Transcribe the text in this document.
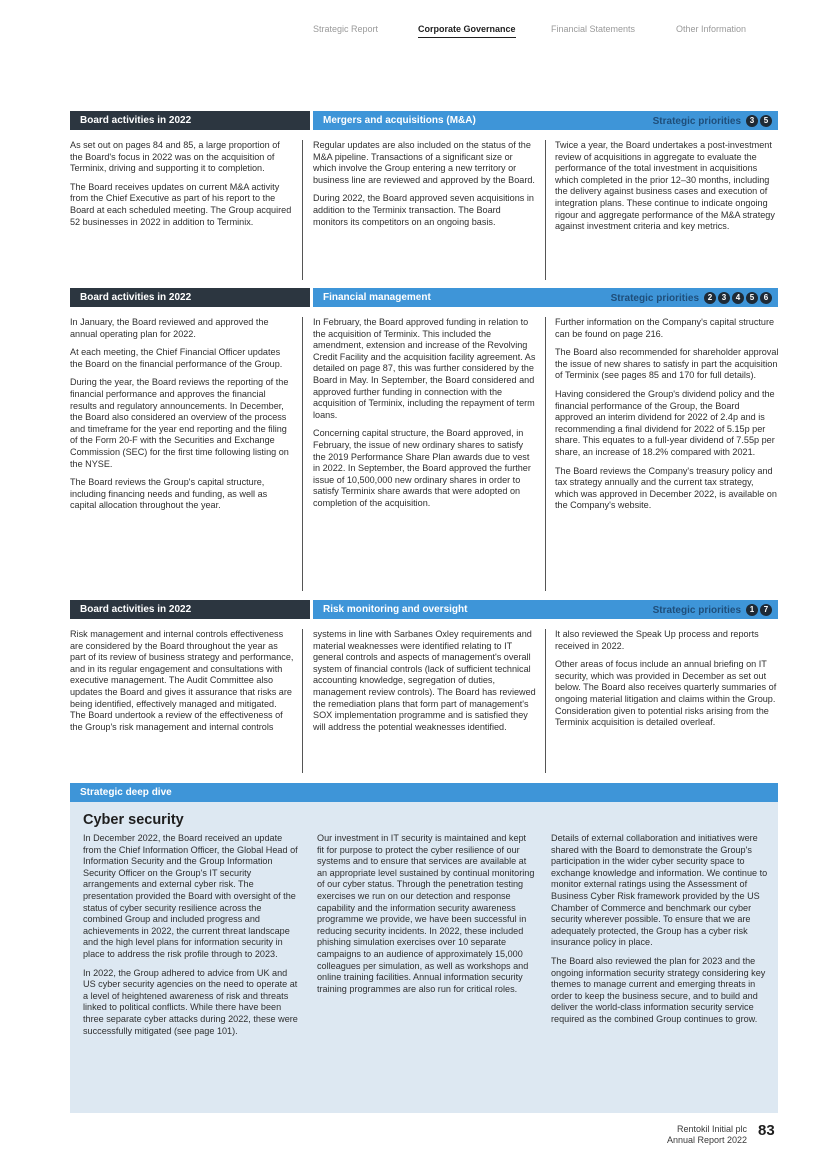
Strategic Report	Corporate Governance	Financial Statements	Other Information
Board activities in 2022	Mergers and acquisitions (M&A)	Strategic priorities	3	5

As set out on pages 84 and 85, a large proportion of the Board's focus in 2022 was on the acquisition of Terminix, driving and supporting it to completion.

The Board receives updates on current M&A activity from the Chief Executive as part of his report to the Board at each scheduled meeting. The Group acquired 52 businesses in 2022 in addition to Terminix.

Regular updates are also included on the status of the M&A pipeline. Transactions of a significant size or which involve the Group entering a new territory or business line are reviewed and approved by the Board.

During 2022, the Board approved seven acquisitions in addition to the Terminix transaction. The Board monitors its competitors on an ongoing basis.

Twice a year, the Board undertakes a post-investment review of acquisitions in aggregate to evaluate the performance of the total investment in acquisitions which completed in the prior 12–30 months, including the delivery against business cases and execution of integration plans. These continue to indicate ongoing rigour and aggregate performance of the M&A strategy against investment criteria and key metrics.

Board activities in 2022	Financial management	Strategic priorities	2	3	4	5	6

In January, the Board reviewed and approved the annual operating plan for 2022.

At each meeting, the Chief Financial Officer updates the Board on the financial performance of the Group.

During the year, the Board reviews the reporting of the financial performance and approves the financial results and regulatory announcements. In December, the Board also considered an overview of the process and timeframe for the year end reporting and the filing of the Form 20-F with the Securities and Exchange Commission (SEC) for the first time following listing on the NYSE.

The Board reviews the Group's capital structure, including financing needs and funding, as well as capital allocation throughout the year.

In February, the Board approved funding in relation to the acquisition of Terminix. This included the amendment, extension and increase of the Revolving Credit Facility and the acquisition facility agreement. As detailed on page 87, this was further considered by the Board in May. In September, the Board considered and approved further funding in connection with the acquisition of Terminix, including the repayment of term loans.

Concerning capital structure, the Board approved, in February, the issue of new ordinary shares to satisfy the 2019 Performance Share Plan awards due to vest in 2022. In September, the Board approved the further issue of 10,500,000 new ordinary shares in order to satisfy Terminix share awards that were adopted on completion of the acquisition.

Further information on the Company's capital structure can be found on page 216.

The Board also recommended for shareholder approval the issue of new shares to satisfy in part the acquisition of Terminix (see pages 85 and 170 for full details).

Having considered the Group's dividend policy and the financial performance of the Group, the Board approved an interim dividend for 2022 of 2.4p and is recommending a final dividend for 2022 of 5.15p per share. This equates to a full-year dividend of 7.55p per share, an increase of 18.2% compared with 2021.

The Board reviews the Company's treasury policy and tax strategy annually and the current tax strategy, which was approved in December 2022, is available on the Company's website.

Board activities in 2022	Risk monitoring and oversight	Strategic priorities	1	7

Risk management and internal controls effectiveness are considered by the Board throughout the year as part of its review of business strategy and performance, and in its regular engagement and consultations with executive management. The Audit Committee also updates the Board and gives it assurance that risks are being identified, effectively managed and mitigated. The Board undertook a review of the effectiveness of the Group's risk management and internal controls

systems in line with Sarbanes Oxley requirements and material weaknesses were identified relating to IT general controls and aspects of management's overall system of financial controls (lack of sufficient technical accounting knowledge, segregation of duties, management review controls). The Board has reviewed the remediation plans that form part of management's SOX implementation programme and is satisfied they will address the potential weaknesses identified.

It also reviewed the Speak Up process and reports received in 2022.

Other areas of focus include an annual briefing on IT security, which was provided in December as set out below. The Board also receives quarterly summaries of ongoing material litigation and claims within the Group. Consideration given to potential risks arising from the Terminix acquisition is detailed overleaf.

Strategic deep dive
Cyber security

In December 2022, the Board received an update from the Chief Information Officer, the Global Head of Information Security and the Group Information Security Officer on the Group's IT security arrangements and external cyber risk. The presentation provided the Board with oversight of the status of cyber security resilience across the combined Group and included progress and achievements in 2022, the current threat landscape and the high level plans for information security in place to address the risk profile through to 2023.

In 2022, the Group adhered to advice from UK and US cyber security agencies on the need to operate at a level of heightened awareness of risk and threats linked to political conflicts. While there have been three separate cyber attacks during 2022, these were successfully mitigated (see page 101).

Our investment in IT security is maintained and kept fit for purpose to protect the cyber resilience of our systems and to ensure that services are available at an appropriate level sustained by continual monitoring of our cyber status. Through the penetration testing exercises we run on our detection and response capability and the information security awareness programme we provide, we have been successful in reducing security incidents. In 2022, these included phishing simulation exercises over 10 separate campaigns to an audience of approximately 15,000 colleagues per simulation, as well as workshops and online training facilities. Annual information security training programmes are also run for critical roles.

Details of external collaboration and initiatives were shared with the Board to demonstrate the Group's participation in the wider cyber security space to exchange knowledge and information. We continue to monitor external ratings using the Assessment of Business Cyber Risk framework provided by the US Chamber of Commerce and benchmark our cyber security wherever possible. To ensure that we are adequately protected, the Group has a cyber risk insurance policy in place.

The Board also reviewed the plan for 2023 and the ongoing information security strategy considering key themes to manage current and emerging threats in order to keep the business secure, and to build and deliver the world-class information security service required as the combined Group continues to grow.

Rentokil Initial plc
Annual Report 2022
83
